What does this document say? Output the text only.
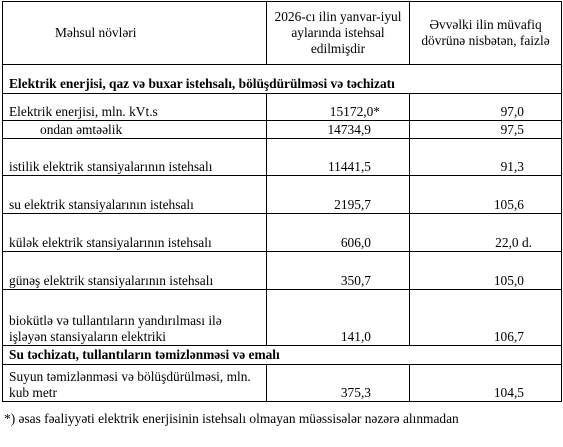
Məhsul növləri	2026-cı ilin yanvar-iyul aylarında istehsal edilmişdir	Əvvəlki ilin müvafiq dövrünə nisbətən, faizlə

Elektrik enerjisi, qaz və buxar istehsalı, bölüşdürülməsi və təchizatı		

Elektrik enerjisi, mln. kVt.s	15172,0*	97,0
ondan əmtəəlik	14734,9	97,5
istilik elektrik stansiyalarının istehsalı	11441,5	91,3
su elektrik stansiyalarının istehsalı	2195,7	105,6
külək elektrik stansiyalarının istehsalı	606,0	22,0 d.
günəş elektrik stansiyalarının istehsalı	350,7	105,0
biokütlə və tullantıların yandırılması ilə işləyən stansiyaların elektriki	141,0	106,7
Su təchizatı, tullantıların təmizlənməsi və emalı		
Suyun təmizlənməsi və bölüşdürülməsi, mln. kub metr	375,3	104,5
*) əsas fəaliyyəti elektrik enerjisinin istehsalı olmayan müəssisələr nəzərə alınmadan
